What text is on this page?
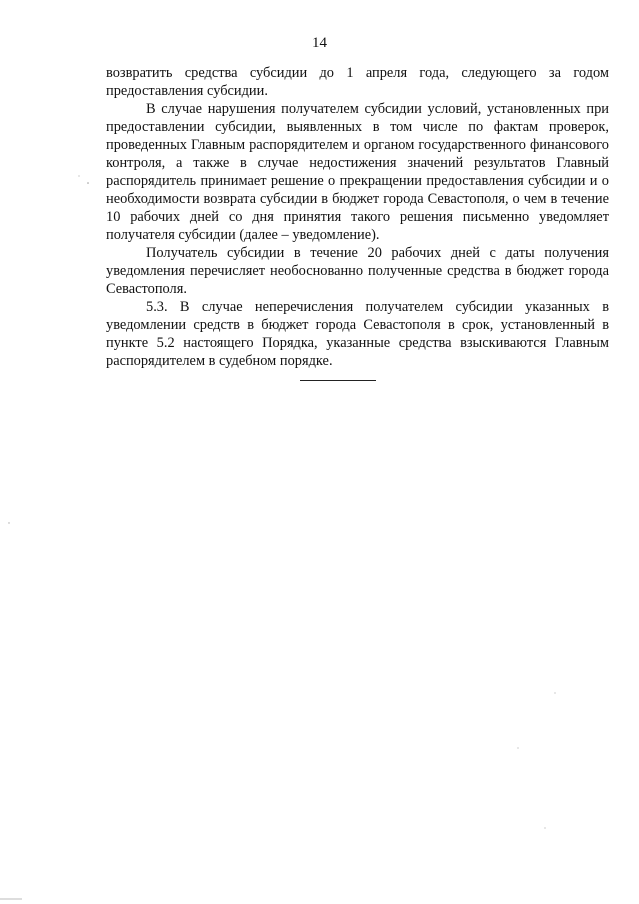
14

возвратить средства субсидии до 1 апреля года, следующего за годом предоставления субсидии.

В случае нарушения получателем субсидии условий, установленных при предоставлении субсидии, выявленных в том числе по фактам проверок, проведенных Главным распорядителем и органом государственного финансового контроля, а также в случае недостижения значений результатов Главный распорядитель принимает решение о прекращении предоставления субсидии и о необходимости возврата субсидии в бюджет города Севастополя, о чем в течение 10 рабочих дней со дня принятия такого решения письменно уведомляет получателя субсидии (далее – уведомление).

Получатель субсидии в течение 20 рабочих дней с даты получения уведомления перечисляет необоснованно полученные средства в бюджет города Севастополя.

5.3. В случае неперечисления получателем субсидии указанных в уведомлении средств в бюджет города Севастополя в срок, установленный в пункте 5.2 настоящего Порядка, указанные средства взыскиваются Главным распорядителем в судебном порядке.
